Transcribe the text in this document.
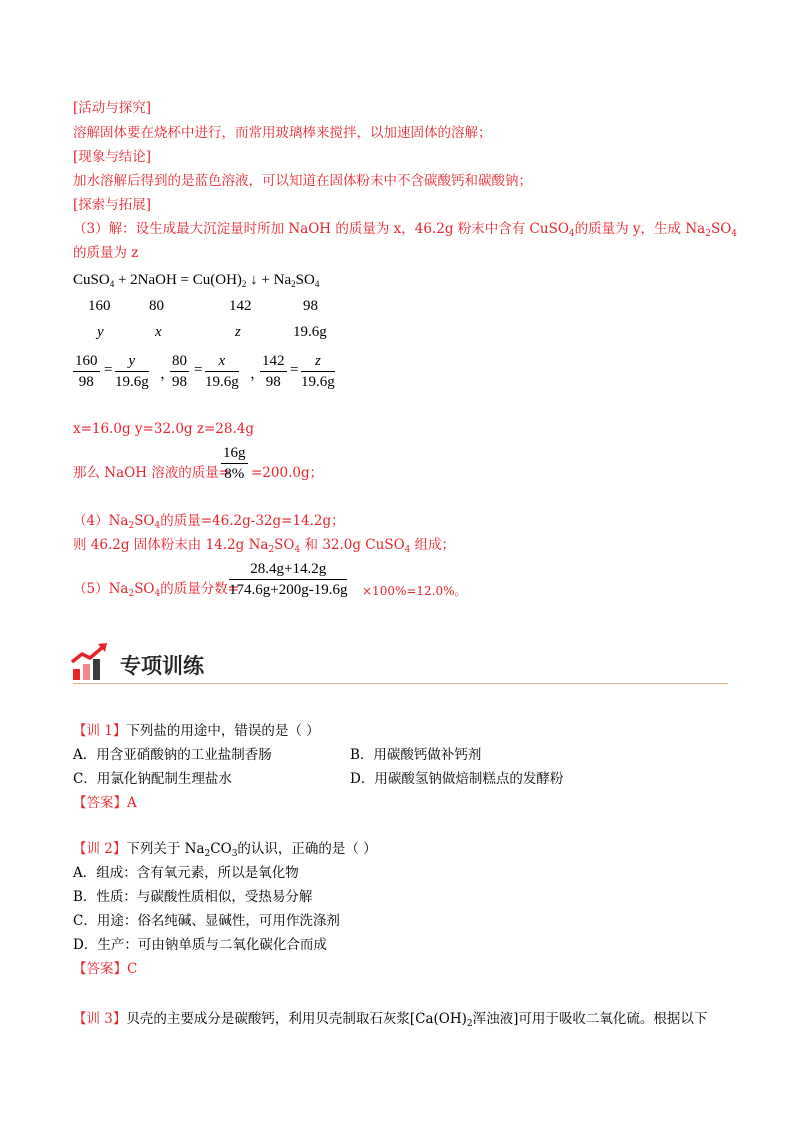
[活动与探究]
溶解固体要在烧杯中进行，而常用玻璃棒来搅拌，以加速固体的溶解；
[现象与结论]
加水溶解后得到的是蓝色溶液，可以知道在固体粉末中不含碳酸钙和碳酸钠；
[探索与拓展]
（3）解：设生成最大沉淀量时所加 NaOH 的质量为 x，46.2g 粉末中含有 CuSO$_4$的质量为 y，生成 $Na_2SO_4$
的质量为 z
CuSO$_4$ + 2NaOH = $Cu(OH)_2$ ↓ + $Na_2SO_4$
160	80	142	98
y	x	z	19.6g
$\frac{160}{98} = \frac{y}{19.6g}$ ，
$\frac{80}{98} = \frac{x}{19.6g}$ ，
$\frac{142}{98} = \frac{z}{19.6g}$
x=16.0g y=32.0g z=28.4g
那么 NaOH 溶液的质量=
$\frac{16g}{8\%} =200.0g$；
$(4)Na_2SO_4$的质量=46.2g-32g=14.2g；
则 46.2g 固体粉末由 14.2g $Na_2SO_4$ 和 32.0g CuSO$_4$ 组成；
$(5)Na_2SO_4$的质量分数=
$\frac{28.4g+14.2g}{174.6g+200g-19.6g} \times 100\%=12.0\%$。
专项训练
【训 1】下列盐的用途中，错误的是（ ）
A．用含亚硝酸钠的工业盐制香肠	B．用碳酸钙做补钙剂
C．用氯化钠配制生理盐水	D．用碳酸氢钠做焙制糕点的发酵粉
【答案】A
【训 2】下列关于 $Na_2CO_3$的认识，正确的是（ ）
A．组成：含有氧元素，所以是氧化物
B．性质：与碳酸性质相似，受热易分解
C．用途：俗名纯碱、显碱性，可用作洗涤剂
D．生产：可由钠单质与二氧化碳化合而成
【答案】C
【训 3】贝壳的主要成分是碳酸钙，利用贝壳制取石灰浆[$Ca(OH)_2$浑浊液]可用于吸收二氧化硫。根据以下
